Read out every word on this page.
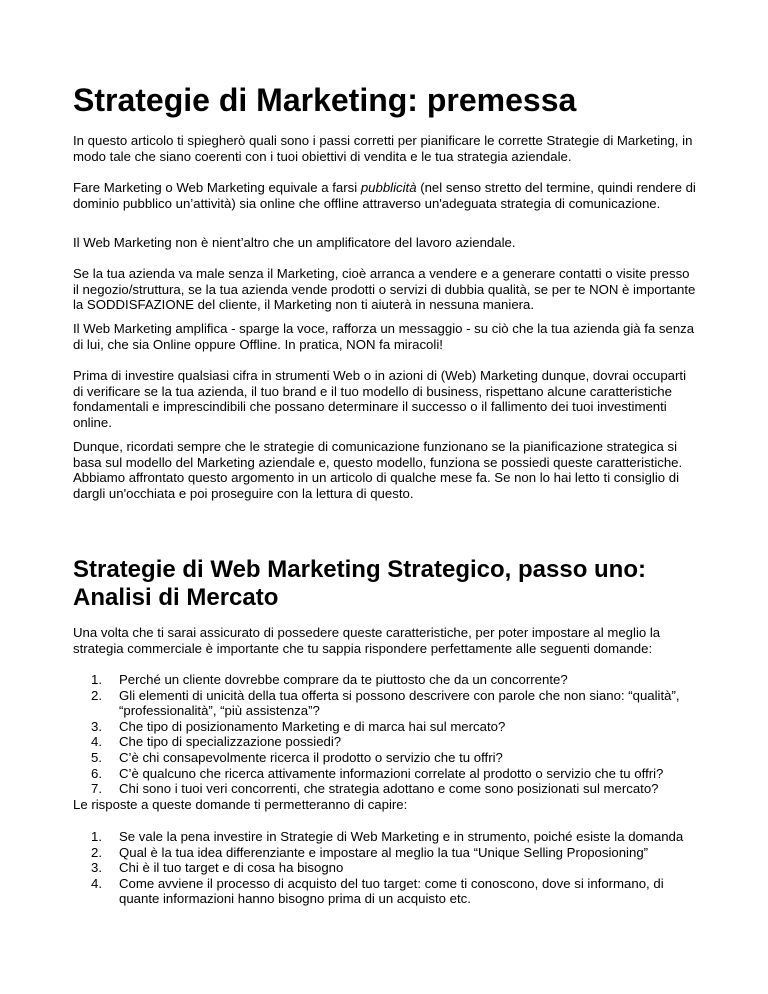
Strategie di Marketing: premessa

In questo articolo ti spiegherò quali sono i passi corretti per pianificare le corrette Strategie di Marketing, in modo tale che siano coerenti con i tuoi obiettivi di vendita e le tua strategia aziendale.

Fare Marketing o Web Marketing equivale a farsi pubblicità (nel senso stretto del termine, quindi rendere di dominio pubblico un’attività) sia online che offline attraverso un'adeguata strategia di comunicazione.

Il Web Marketing non è nient’altro che un amplificatore del lavoro aziendale.

Se la tua azienda va male senza il Marketing, cioè arranca a vendere e a generare contatti o visite presso il negozio/struttura, se la tua azienda vende prodotti o servizi di dubbia qualità, se per te NON è importante la SODDISFAZIONE del cliente, il Marketing non ti aiuterà in nessuna maniera.

Il Web Marketing amplifica - sparge la voce, rafforza un messaggio - su ciò che la tua azienda già fa senza di lui, che sia Online oppure Offline. In pratica, NON fa miracoli!

Prima di investire qualsiasi cifra in strumenti Web o in azioni di (Web) Marketing dunque, dovrai occuparti di verificare se la tua azienda, il tuo brand e il tuo modello di business, rispettano alcune caratteristiche fondamentali e imprescindibili che possano determinare il successo o il fallimento dei tuoi investimenti online.

Dunque, ricordati sempre che le strategie di comunicazione funzionano se la pianificazione strategica si basa sul modello del Marketing aziendale e, questo modello, funziona se possiedi queste caratteristiche. Abbiamo affrontato questo argomento in un articolo di qualche mese fa. Se non lo hai letto ti consiglio di dargli un'occhiata e poi proseguire con la lettura di questo.

Strategie di Web Marketing Strategico, passo uno: Analisi di Mercato

Una volta che ti sarai assicurato di possedere queste caratteristiche, per poter impostare al meglio la strategia commerciale è importante che tu sappia rispondere perfettamente alle seguenti domande:

1. Perché un cliente dovrebbe comprare da te piuttosto che da un concorrente?
2. Gli elementi di unicità della tua offerta si possono descrivere con parole che non siano: “qualità”, “professionalità”, “più assistenza”?
3. Che tipo di posizionamento Marketing e di marca hai sul mercato?
4. Che tipo di specializzazione possiedi?
5. C’è chi consapevolmente ricerca il prodotto o servizio che tu offri?
6. C’è qualcuno che ricerca attivamente informazioni correlate al prodotto o servizio che tu offri?
7. Chi sono i tuoi veri concorrenti, che strategia adottano e come sono posizionati sul mercato?

Le risposte a queste domande ti permetteranno di capire:

1. Se vale la pena investire in Strategie di Web Marketing e in strumento, poiché esiste la domanda
2. Qual è la tua idea differenziante e impostare al meglio la tua “Unique Selling Proposioning”
3. Chi è il tuo target e di cosa ha bisogno
4. Come avviene il processo di acquisto del tuo target: come ti conoscono, dove si informano, di quante informazioni hanno bisogno prima di un acquisto etc.
